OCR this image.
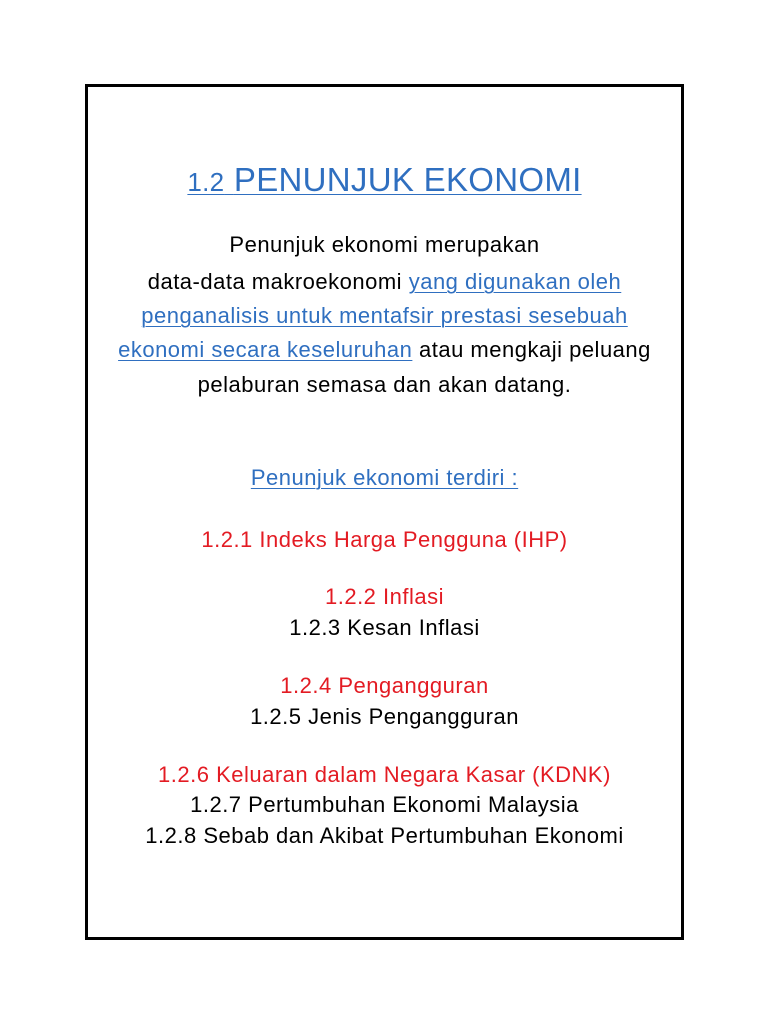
1.2 PENUNJUK EKONOMI
Penunjuk ekonomi merupakan
data-data makroekonomi yang digunakan oleh
penganalisis untuk mentafsir prestasi sesebuah
ekonomi secara keseluruhan atau mengkaji peluang
pelaburan semasa dan akan datang.
Penunjuk ekonomi terdiri :
1.2.1 Indeks Harga Pengguna (IHP)
1.2.2 Inflasi
1.2.3 Kesan Inflasi
1.2.4 Pengangguran
1.2.5 Jenis Pengangguran
1.2.6 Keluaran dalam Negara Kasar (KDNK)
1.2.7 Pertumbuhan Ekonomi Malaysia
1.2.8 Sebab dan Akibat Pertumbuhan Ekonomi
